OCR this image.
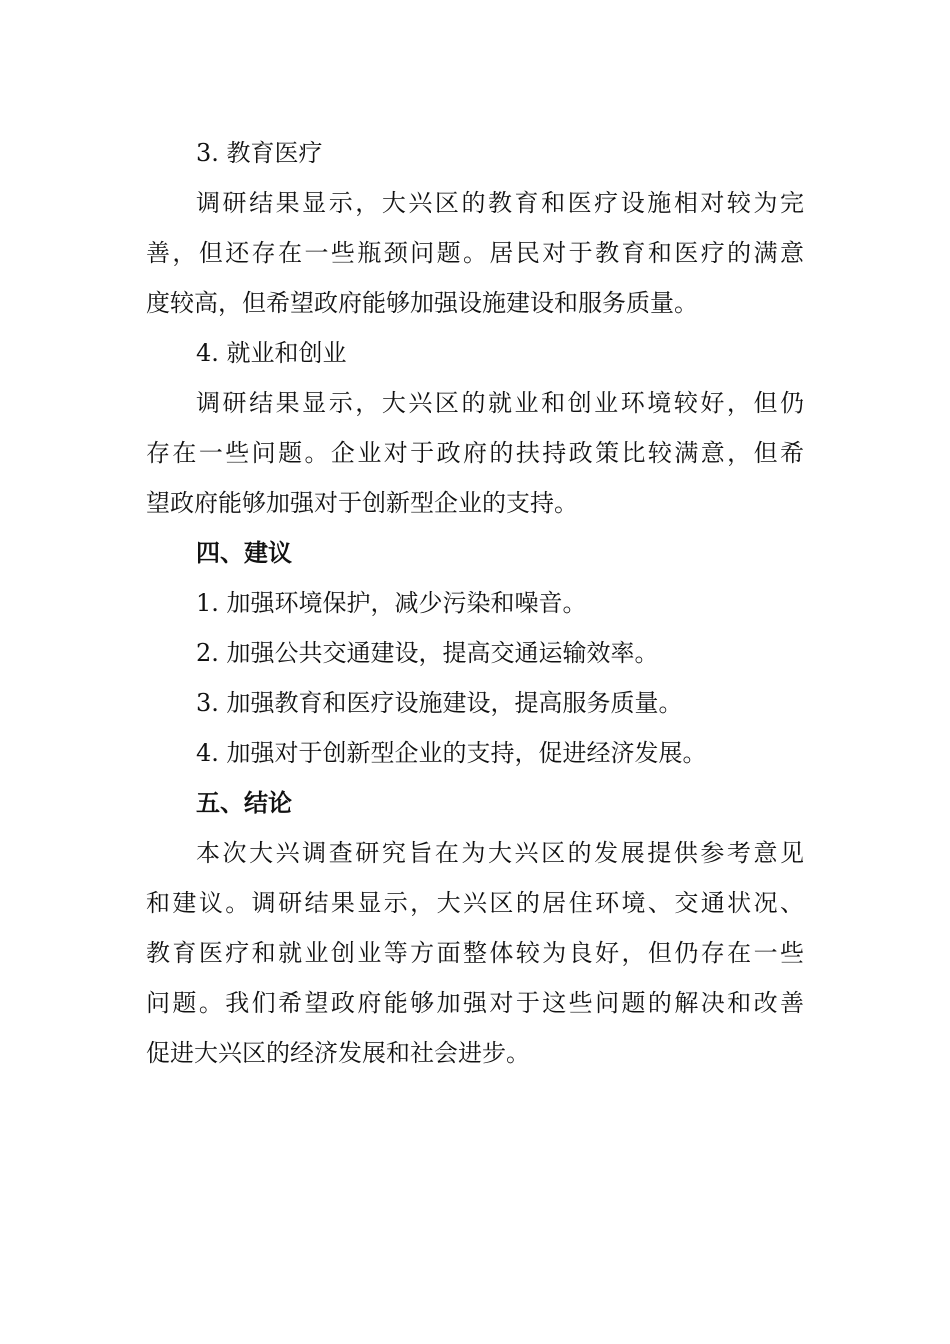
3. 教育医疗
调研结果显示，大兴区的教育和医疗设施相对较为完
善，但还存在一些瓶颈问题。居民对于教育和医疗的满意
度较高，但希望政府能够加强设施建设和服务质量。
4. 就业和创业
调研结果显示，大兴区的就业和创业环境较好，但仍
存在一些问题。企业对于政府的扶持政策比较满意，但希
望政府能够加强对于创新型企业的支持。
四、建议
1. 加强环境保护，减少污染和噪音。
2. 加强公共交通建设，提高交通运输效率。
3. 加强教育和医疗设施建设，提高服务质量。
4. 加强对于创新型企业的支持，促进经济发展。
五、结论
本次大兴调查研究旨在为大兴区的发展提供参考意见
和建议。调研结果显示，大兴区的居住环境、交通状况、
教育医疗和就业创业等方面整体较为良好，但仍存在一些
问题。我们希望政府能够加强对于这些问题的解决和改善
促进大兴区的经济发展和社会进步。
